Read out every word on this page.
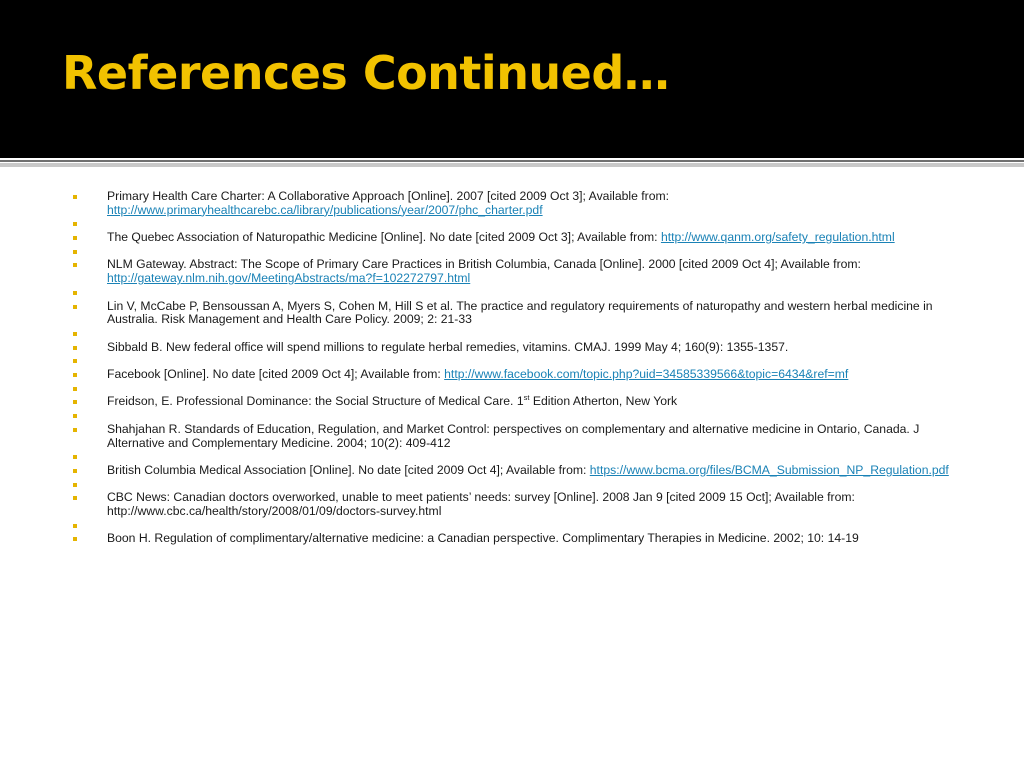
References Continued…
Primary Health Care Charter: A Collaborative Approach [Online]. 2007 [cited 2009 Oct 3]; Available from: http://www.primaryhealthcarebc.ca/library/publications/year/2007/phc_charter.pdf
The Quebec Association of Naturopathic Medicine [Online]. No date [cited 2009 Oct 3]; Available from: http://www.qanm.org/safety_regulation.html
NLM Gateway. Abstract: The Scope of Primary Care Practices in British Columbia, Canada [Online]. 2000 [cited 2009 Oct 4]; Available from: http://gateway.nlm.nih.gov/MeetingAbstracts/ma?f=102272797.html
Lin V, McCabe P, Bensoussan A, Myers S, Cohen M, Hill S et al. The practice and regulatory requirements of naturopathy and western herbal medicine in Australia. Risk Management and Health Care Policy. 2009; 2: 21-33
Sibbald B. New federal office will spend millions to regulate herbal remedies, vitamins. CMAJ. 1999 May 4; 160(9): 1355-1357.
Facebook [Online]. No date [cited 2009 Oct 4]; Available from: http://www.facebook.com/topic.php?uid=34585339566&topic=6434&ref=mf
Freidson, E. Professional Dominance: the Social Structure of Medical Care. 1st Edition Atherton, New York
Shahjahan R. Standards of Education, Regulation, and Market Control: perspectives on complementary and alternative medicine in Ontario, Canada. J Alternative and Complementary Medicine. 2004; 10(2): 409-412
British Columbia Medical Association [Online]. No date [cited 2009 Oct 4]; Available from: https://www.bcma.org/files/BCMA_Submission_NP_Regulation.pdf
CBC News: Canadian doctors overworked, unable to meet patients’ needs: survey [Online]. 2008 Jan 9 [cited 2009 15 Oct]; Available from: http://www.cbc.ca/health/story/2008/01/09/doctors-survey.html
Boon H. Regulation of complimentary/alternative medicine: a Canadian perspective. Complimentary Therapies in Medicine. 2002; 10: 14-19
